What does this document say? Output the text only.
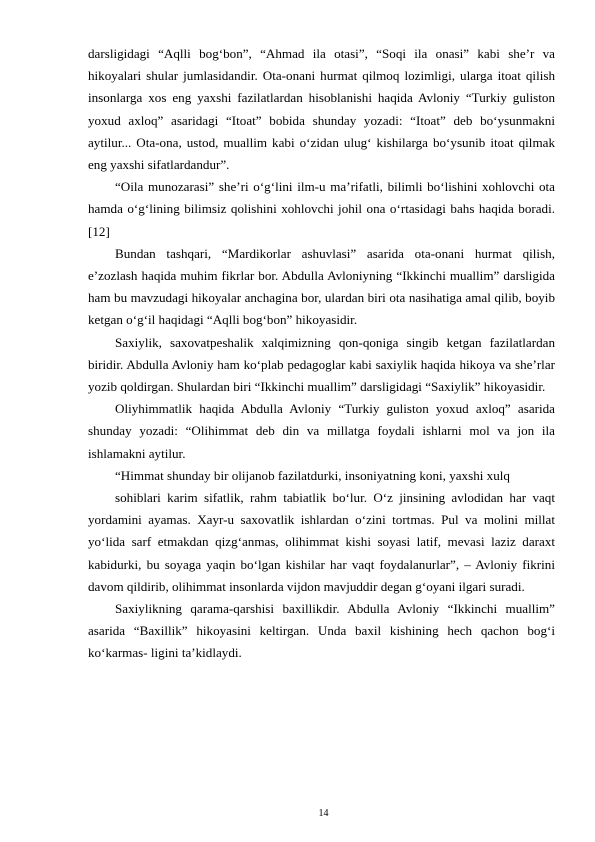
darsligidagi “Aqlli bog‘bon”, “Ahmad ila otasi”, “Soqi ila onasi” kabi she’r va hikoyalari shular jumlasidandir. Ota-onani hurmat qilmoq lozimligi, ularga itoat qilish insonlarga xos eng yaxshi fazilatlardan hisoblanishi haqida Avloniy “Turkiy guliston yoxud axloq” asaridagi “Itoat” bobida shunday yozadi: “Itoat” deb bo‘ysunmakni aytilur... Ota-ona, ustod, muallim kabi o‘zidan ulug‘ kishilarga bo‘ysunib itoat qilmak eng yaxshi sifatlardandur”.

“Oila munozarasi” she’ri o‘g‘lini ilm-u ma’rifatli, bilimli bo‘lishini xohlovchi ota hamda o‘g‘lining bilimsiz qolishini xohlovchi johil ona o‘rtasidagi bahs haqida boradi. [12]

Bundan tashqari, “Mardikorlar ashuvlasi” asarida ota-onani hurmat qilish, e’zozlash haqida muhim fikrlar bor. Abdulla Avloniyning “Ikkinchi muallim” darsligida ham bu mavzudagi hikoyalar anchagina bor, ulardan biri ota nasihatiga amal qilib, boyib ketgan o‘g‘il haqidagi “Aqlli bog‘bon” hikoyasidir.

Saxiylik, saxovatpeshalik xalqimizning qon-qoniga singib ketgan fazilatlardan biridir. Abdulla Avloniy ham ko‘plab pedagoglar kabi saxiylik haqida hikoya va she’rlar yozib qoldirgan. Shulardan biri “Ikkinchi muallim” darsligidagi “Saxiylik” hikoyasidir.

Oliyhimmatlik haqida Abdulla Avloniy “Turkiy guliston yoxud axloq” asarida shunday yozadi: “Olihimmat deb din va millatga foydali ishlarni mol va jon ila ishlamakni aytilur.

“Himmat shunday bir olijanob fazilatdurki, insoniyatning koni, yaxshi xulq

sohiblari karim sifatlik, rahm tabiatlik bo‘lur. O‘z jinsining avlodidan har vaqt yordamini ayamas. Xayr-u saxovatlik ishlardan o‘zini tortmas. Pul va molini millat yo‘lida sarf etmakdan qizg‘anmas, olihimmat kishi soyasi latif, mevasi laziz daraxt kabidurki, bu soyaga yaqin bo‘lgan kishilar har vaqt foydalanurlar”, – Avloniy fikrini davom qildirib, olihimmat insonlarda vijdon mavjuddir degan g‘oyani ilgari suradi.

Saxiylikning qarama-qarshisi baxillikdir. Abdulla Avloniy “Ikkinchi muallim” asarida “Baxillik” hikoyasini keltirgan. Unda baxil kishining hech qachon bog‘i ko‘karmas- ligini ta’kidlaydi.

14
